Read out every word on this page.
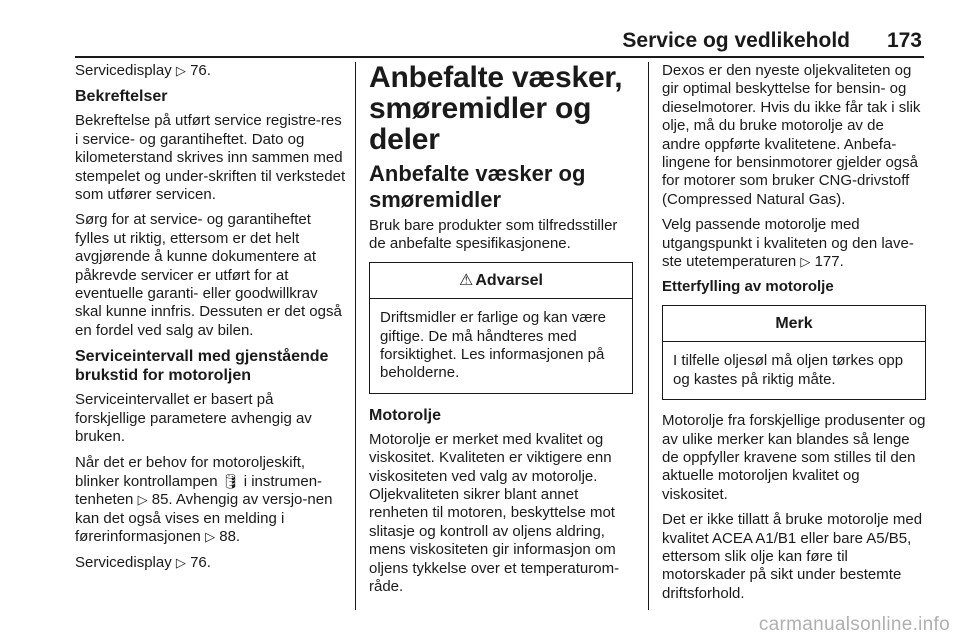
Service og vedlikehold 173

Servicedisplay ▷ 76.

Bekreftelser

Bekreftelse på utført service registre-res i service- og garantiheftet. Dato og kilometerstand skrives inn sammen med stempelet og under-skriften til verkstedet som utfører servicen.

Sørg for at service- og garantiheftet fylles ut riktig, ettersom er det helt avgjørende å kunne dokumentere at påkrevde servicer er utført for at eventuelle garanti- eller goodwillkrav skal kunne innfris. Dessuten er det også en fordel ved salg av bilen.

Serviceintervall med gjenstående brukstid for motoroljen

Serviceintervallet er basert på forskjellige parametere avhengig av bruken.

Når det er behov for motoroljeskift, blinker kontrollampen 🛢 i instrumen-tenheten ▷ 85. Avhengig av versjo-nen kan det også vises en melding i førerinformasjonen ▷ 88.

Servicedisplay ▷ 76.

Anbefalte væsker, smøremidler og deler
Anbefalte væsker og smøremidler

Bruk bare produkter som tilfredsstiller de anbefalte spesifikasjonene.

⚠ Advarsel
Driftsmidler er farlige og kan være giftige. De må håndteres med forsiktighet. Les informasjonen på beholderne.
Motorolje

Motorolje er merket med kvalitet og viskositet. Kvaliteten er viktigere enn viskositeten ved valg av motorolje. Oljekvaliteten sikrer blant annet renheten til motoren, beskyttelse mot slitasje og kontroll av oljens aldring, mens viskositeten gir informasjon om oljens tykkelse over et temperaturom-råde.

Dexos er den nyeste oljekvaliteten og gir optimal beskyttelse for bensin- og dieselmotorer. Hvis du ikke får tak i slik olje, må du bruke motorolje av de andre oppførte kvalitetene. Anbefa-lingene for bensinmotorer gjelder også for motorer som bruker CNG-drivstoff (Compressed Natural Gas).

Velg passende motorolje med utgangspunkt i kvaliteten og den lave-ste utetemperaturen ▷ 177.

Etterfylling av motorolje
Merk
I tilfelle oljesøl må oljen tørkes opp og kastes på riktig måte.

Motorolje fra forskjellige produsenter og av ulike merker kan blandes så lenge de oppfyller kravene som stilles til den aktuelle motoroljen kvalitet og viskositet.

Det er ikke tillatt å bruke motorolje med kvalitet ACEA A1/B1 eller bare A5/B5, ettersom slik olje kan føre til motorskader på sikt under bestemte driftsforhold.

carmanualsonline.info
